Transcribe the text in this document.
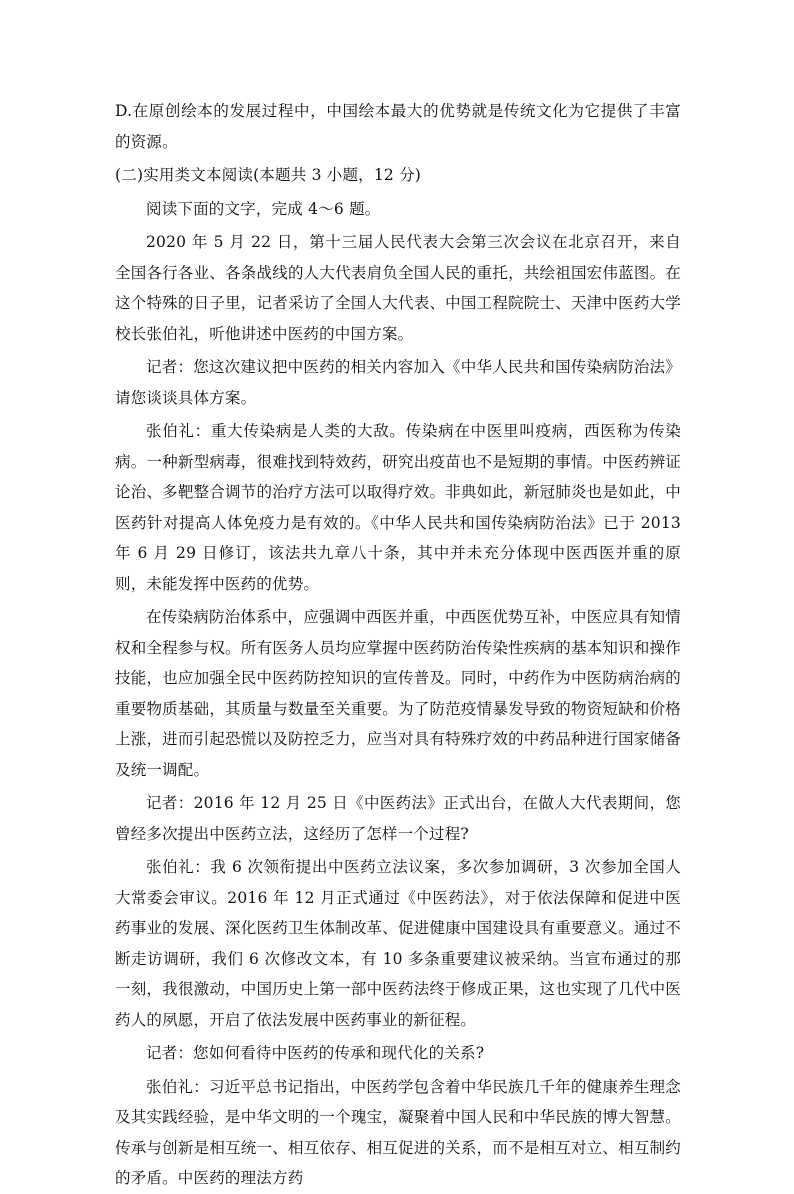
D.在原创绘本的发展过程中，中国绘本最大的优势就是传统文化为它提供了丰富的资源。

(二)实用类文本阅读(本题共 3 小题，12 分)

阅读下面的文字，完成 4～6 题。

2020 年 5 月 22 日，第十三届人民代表大会第三次会议在北京召开，来自全国各行各业、各条战线的人大代表肩负全国人民的重托，共绘祖国宏伟蓝图。在这个特殊的日子里，记者采访了全国人大代表、中国工程院院士、天津中医药大学校长张伯礼，听他讲述中医药的中国方案。

记者：您这次建议把中医药的相关内容加入《中华人民共和国传染病防治法》请您谈谈具体方案。

张伯礼：重大传染病是人类的大敌。传染病在中医里叫疫病，西医称为传染病。一种新型病毒，很难找到特效药，研究出疫苗也不是短期的事情。中医药辨证论治、多靶整合调节的治疗方法可以取得疗效。非典如此，新冠肺炎也是如此，中医药针对提高人体免疫力是有效的。《中华人民共和国传染病防治法》已于 2013 年 6 月 29 日修订，该法共九章八十条，其中并未充分体现中医西医并重的原则，未能发挥中医药的优势。

在传染病防治体系中，应强调中西医并重，中西医优势互补，中医应具有知情权和全程参与权。所有医务人员均应掌握中医药防治传染性疾病的基本知识和操作技能，也应加强全民中医药防控知识的宣传普及。同时，中药作为中医防病治病的重要物质基础，其质量与数量至关重要。为了防范疫情暴发导致的物资短缺和价格上涨，进而引起恐慌以及防控乏力，应当对具有特殊疗效的中药品种进行国家储备及统一调配。

记者：2016 年 12 月 25 日《中医药法》正式出台，在做人大代表期间，您曾经多次提出中医药立法，这经历了怎样一个过程?

张伯礼：我 6 次领衔提出中医药立法议案，多次参加调研，3 次参加全国人大常委会审议。2016 年 12 月正式通过《中医药法》，对于依法保障和促进中医药事业的发展、深化医药卫生体制改革、促进健康中国建设具有重要意义。通过不断走访调研，我们 6 次修改文本，有 10 多条重要建议被采纳。当宣布通过的那一刻，我很激动，中国历史上第一部中医药法终于修成正果，这也实现了几代中医药人的夙愿，开启了依法发展中医药事业的新征程。

记者：您如何看待中医药的传承和现代化的关系?

张伯礼：习近平总书记指出，中医药学包含着中华民族几千年的健康养生理念及其实践经验，是中华文明的一个瑰宝，凝聚着中国人民和中华民族的博大智慧。传承与创新是相互统一、相互依存、相互促进的关系，而不是相互对立、相互制约的矛盾。中医药的理法方药
